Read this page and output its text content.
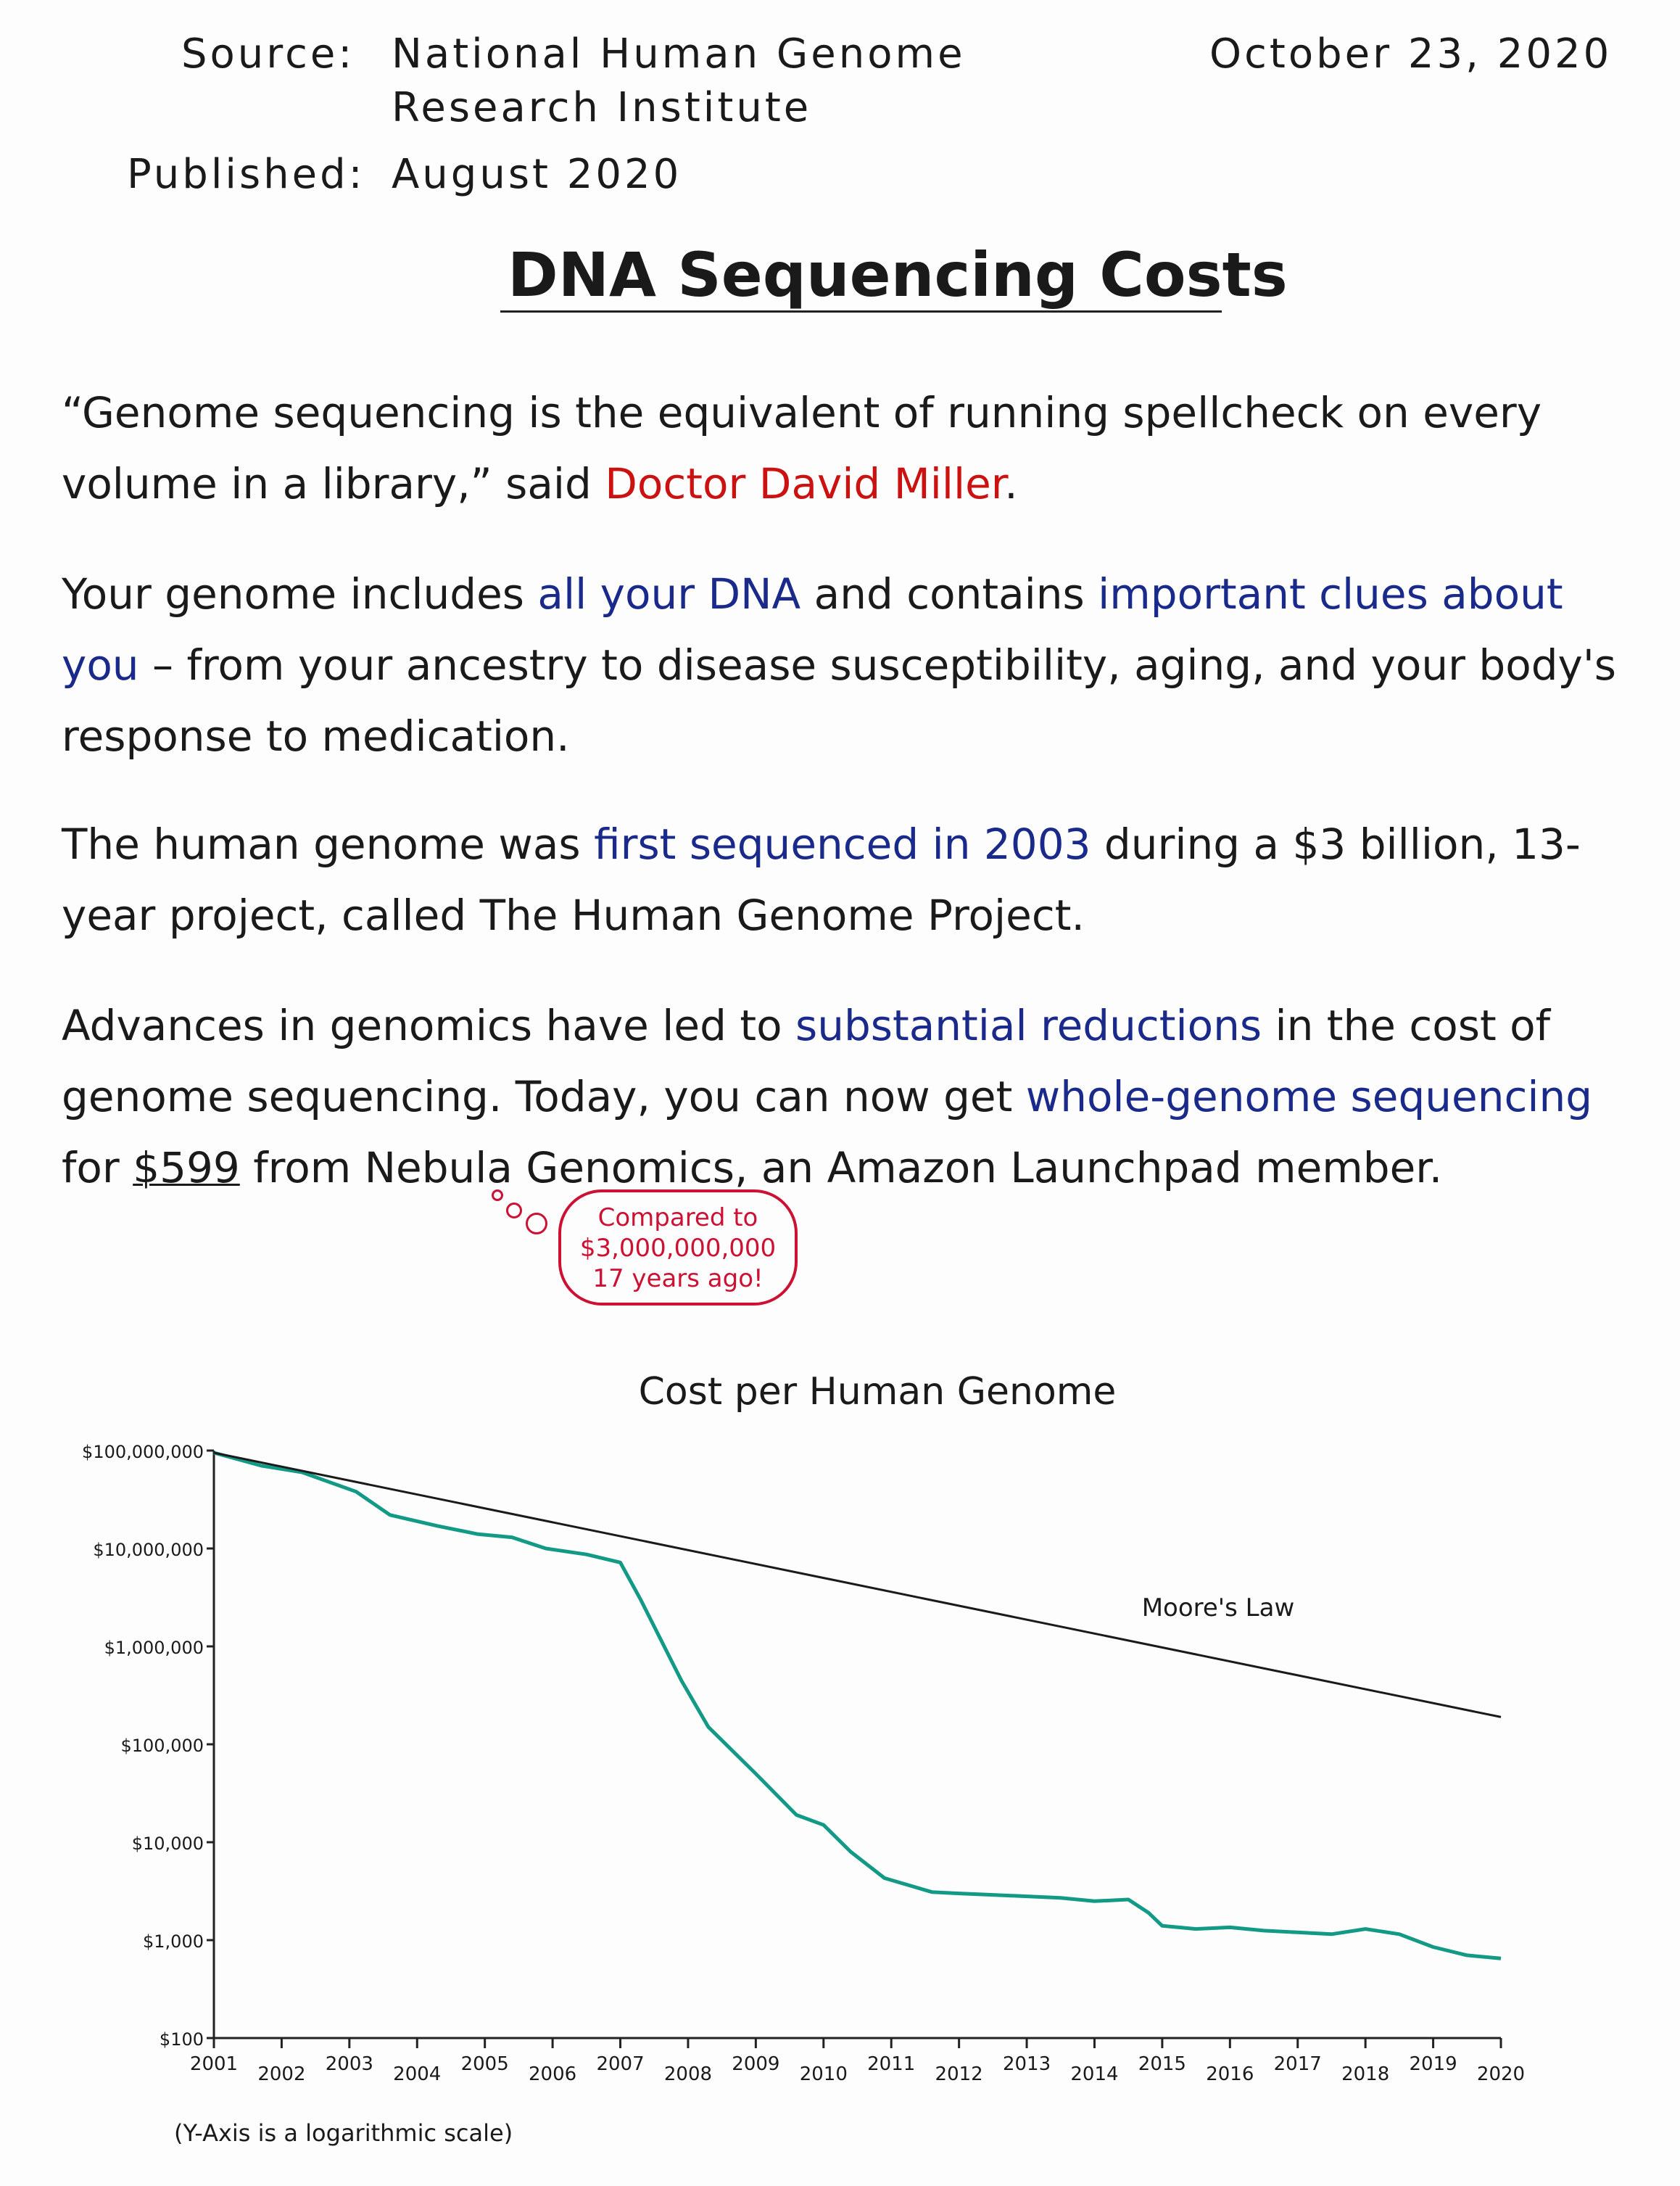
Source: National Human Genome
Research Institute
Published: August 2020
October 23, 2020
DNA Sequencing Costs
“Genome sequencing is the equivalent of running spellcheck on every volume in a library,” said Doctor David Miller.
Your genome includes all your DNA and contains important clues about you – from your ancestry to disease susceptibility, aging, and your body's response to medication.
The human genome was first sequenced in 2003 during a $3 billion, 13-year project, called The Human Genome Project.
Advances in genomics have led to substantial reductions in the cost of genome sequencing. Today, you can now get whole-genome sequencing for $599 from Nebula Genomics, an Amazon Launchpad member.
Compared to
$3,000,000,000
17 years ago!
Cost per Human Genome
$100
$1,000
$10,000
$100,000
$1,000,000
$10,000,000
$100,000,000
2001 2002 2003 2004 2005 2006 2007 2008 2009 2010 2011 2012 2013 2014 2015 2016 2017 2018 2019 2020
Moore's Law
(Y-Axis is a logarithmic scale)
